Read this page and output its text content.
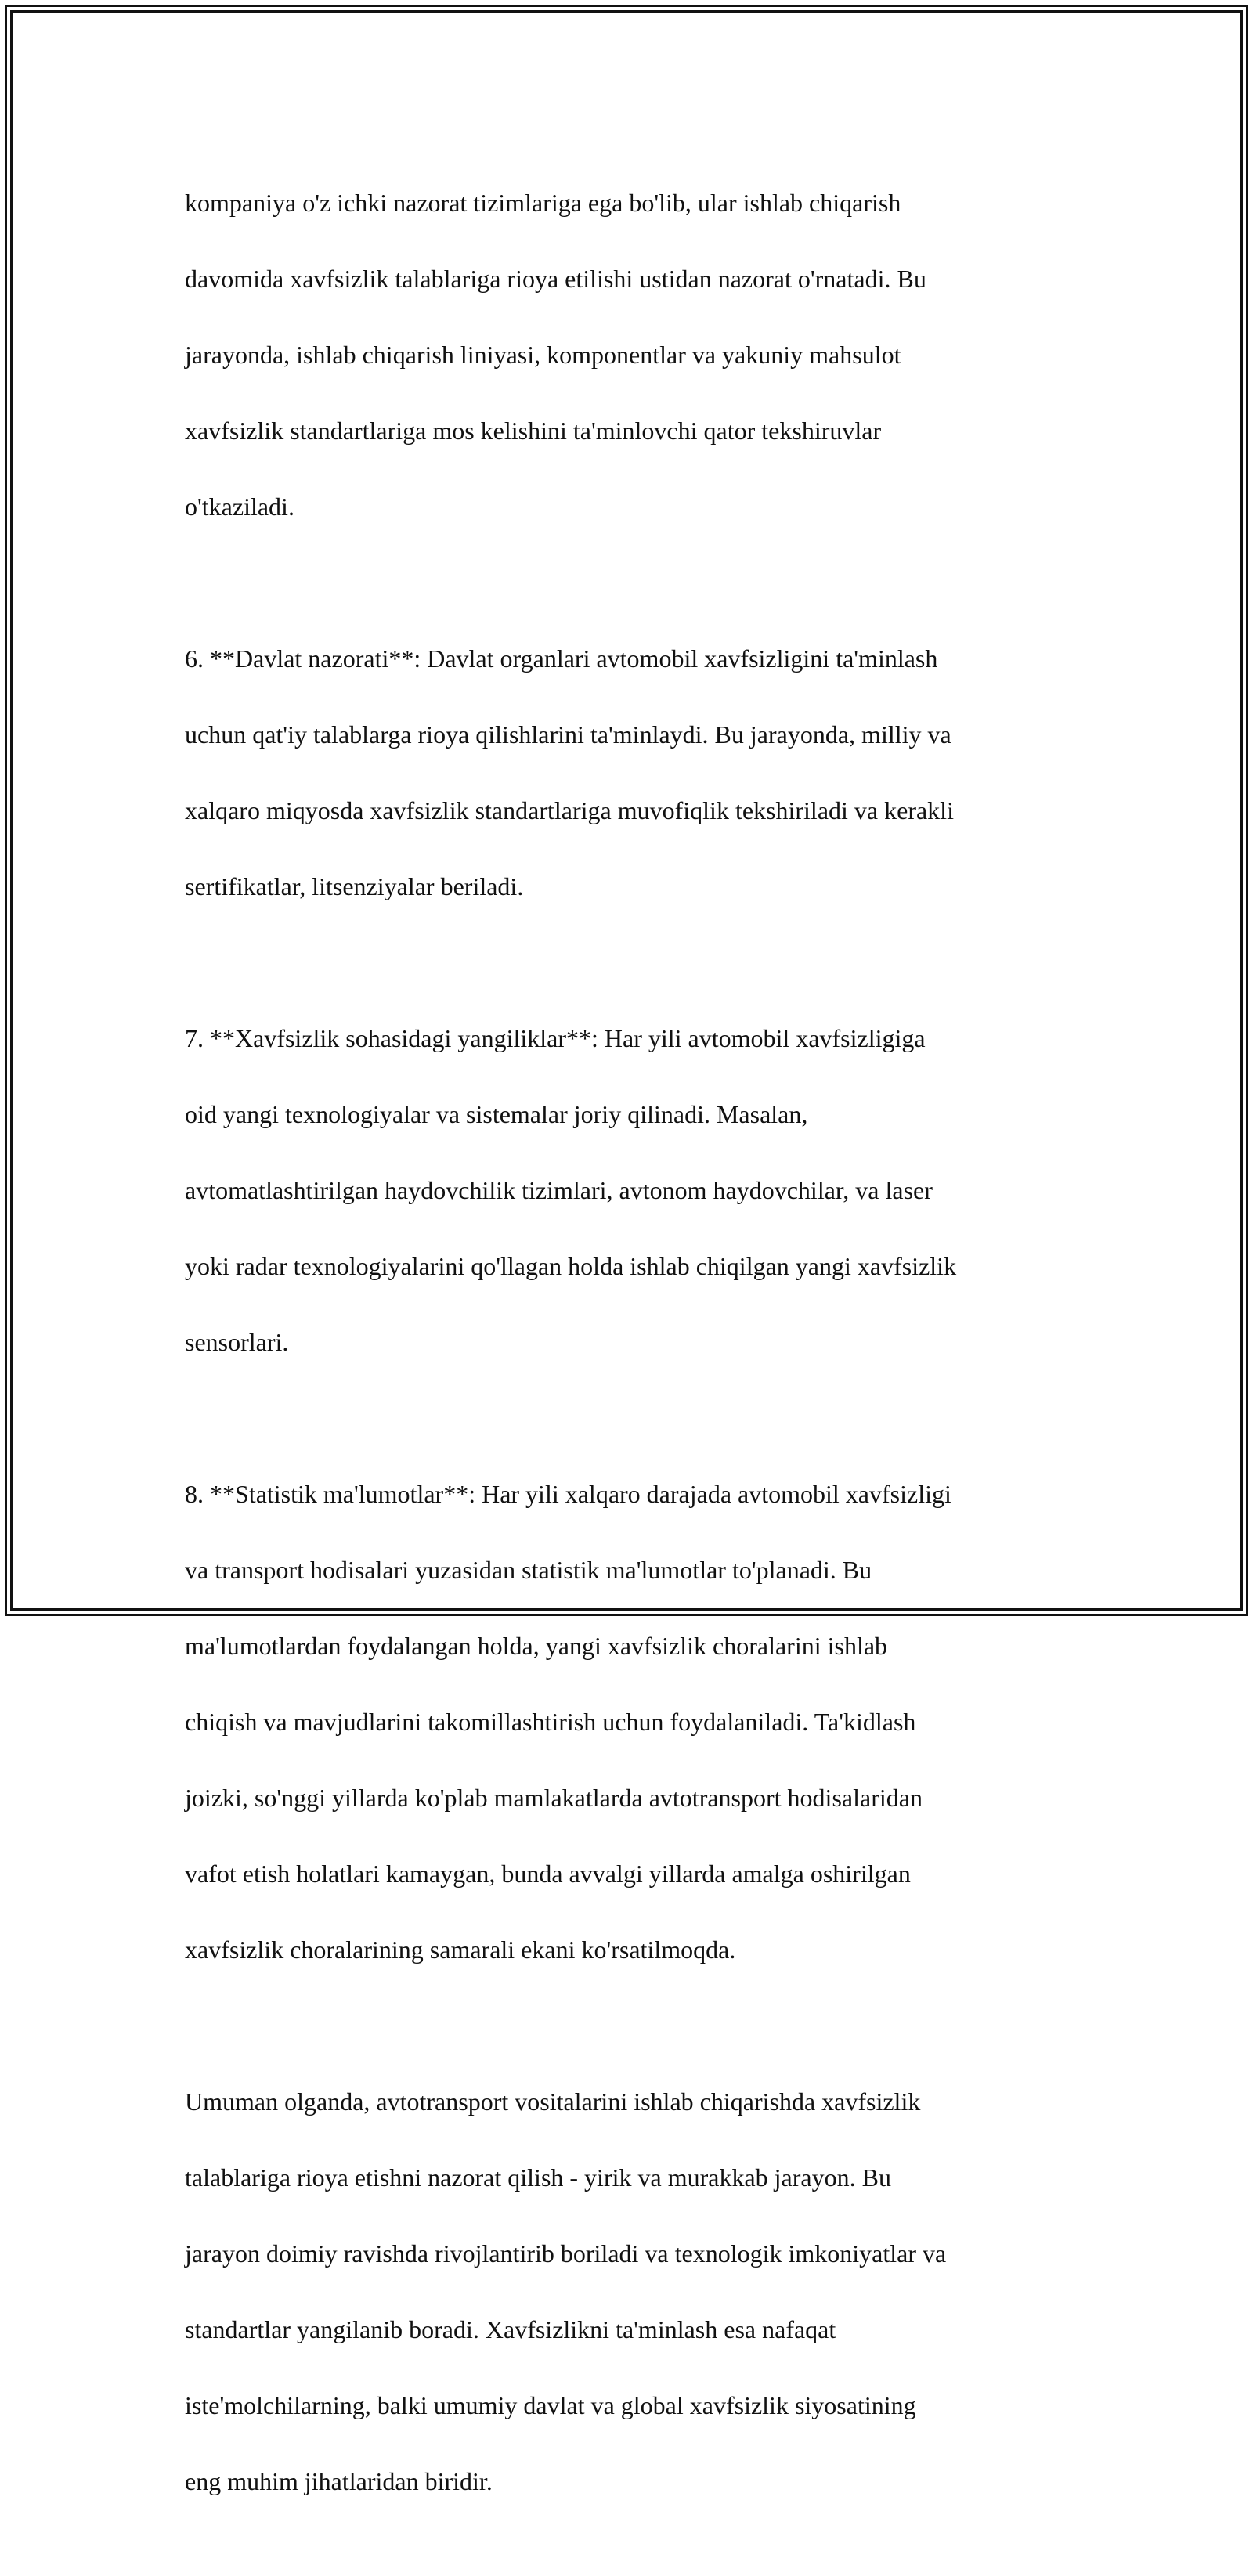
kompaniya o'z ichki nazorat tizimlariga ega bo'lib, ular ishlab chiqarish

davomida xavfsizlik talablariga rioya etilishi ustidan nazorat o'rnatadi. Bu

jarayonda, ishlab chiqarish liniyasi, komponentlar va yakuniy mahsulot

xavfsizlik standartlariga mos kelishini ta'minlovchi qator tekshiruvlar

o'tkaziladi.

6. **Davlat nazorati**: Davlat organlari avtomobil xavfsizligini ta'minlash

uchun qat'iy talablarga rioya qilishlarini ta'minlaydi. Bu jarayonda, milliy va

xalqaro miqyosda xavfsizlik standartlariga muvofiqlik tekshiriladi va kerakli

sertifikatlar, litsenziyalar beriladi.

7. **Xavfsizlik sohasidagi yangiliklar**: Har yili avtomobil xavfsizligiga

oid yangi texnologiyalar va sistemalar joriy qilinadi. Masalan,

avtomatlashtirilgan haydovchilik tizimlari, avtonom haydovchilar, va laser

yoki radar texnologiyalarini qo'llagan holda ishlab chiqilgan yangi xavfsizlik

sensorlari.

8. **Statistik ma'lumotlar**: Har yili xalqaro darajada avtomobil xavfsizligi

va transport hodisalari yuzasidan statistik ma'lumotlar to'planadi. Bu

ma'lumotlardan foydalangan holda, yangi xavfsizlik choralarini ishlab

chiqish va mavjudlarini takomillashtirish uchun foydalaniladi. Ta'kidlash

joizki, so'nggi yillarda ko'plab mamlakatlarda avtotransport hodisalaridan

vafot etish holatlari kamaygan, bunda avvalgi yillarda amalga oshirilgan

xavfsizlik choralarining samarali ekani ko'rsatilmoqda.

Umuman olganda, avtotransport vositalarini ishlab chiqarishda xavfsizlik

talablariga rioya etishni nazorat qilish - yirik va murakkab jarayon. Bu

jarayon doimiy ravishda rivojlantirib boriladi va texnologik imkoniyatlar va

standartlar yangilanib boradi. Xavfsizlikni ta'minlash esa nafaqat

iste'molchilarning, balki umumiy davlat va global xavfsizlik siyosatining

eng muhim jihatlaridan biridir.
